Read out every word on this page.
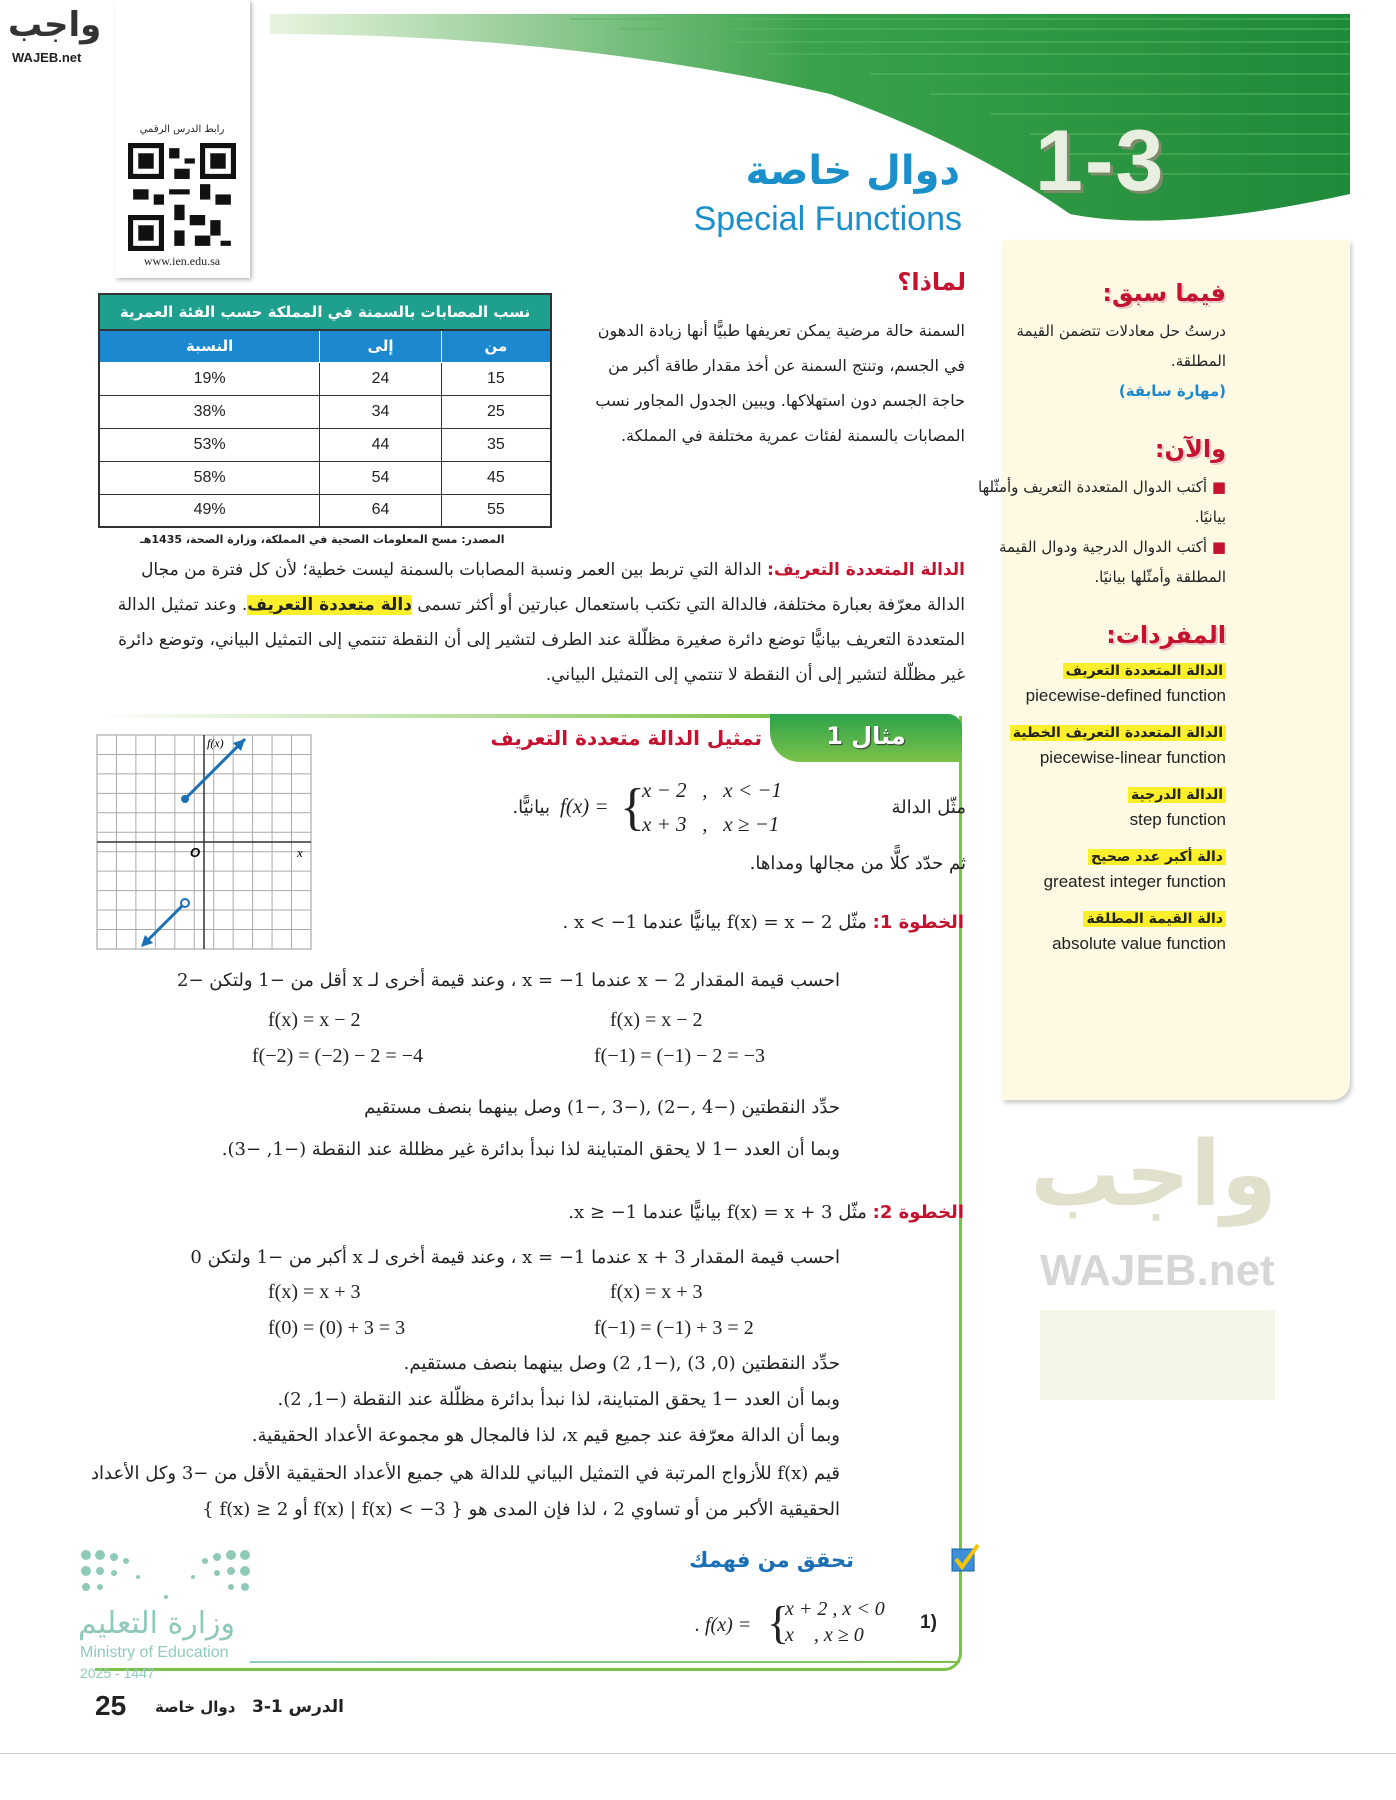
1-3
دوال خاصة
Special Functions
واجب
WAJEB.net
رابط الدرس الرقمي
www.ien.edu.sa
فيما سبق:
درستُ حل معادلات تتضمن القيمة المطلقة.
(مهارة سابقة)
والآن:
■ أكتب الدوال المتعددة التعريف وأمثّلها بيانيًا.
■ أكتب الدوال الدرجية ودوال القيمة المطلقة وأمثّلها بيانيًا.
المفردات:
الدالة المتعددة التعريف
piecewise-defined function
الدالة المتعددة التعريف الخطية
piecewise-linear function
الدالة الدرجية
step function
دالة أكبر عدد صحيح
greatest integer function
دالة القيمة المطلقة
absolute value function
لماذا؟
السمنة حالة مرضية يمكن تعريفها طبيًّا أنها زيادة الدهون في الجسم، وتنتج السمنة عن أخذ مقدار طاقة أكبر من حاجة الجسم دون استهلاكها. ويبين الجدول المجاور نسب المصابات بالسمنة لفئات عمرية مختلفة في المملكة.
نسب المصابات بالسمنة في المملكة حسب الفئة العمرية
من	إلى	النسبة
15	24	19%
25	34	38%
35	44	53%
45	54	58%
55	64	49%
المصدر: مسح المعلومات الصحية في المملكة، وزارة الصحة، 1435هـ
الدالة المتعددة التعريف: الدالة التي تربط بين العمر ونسبة المصابات بالسمنة ليست خطية؛ لأن كل فترة من مجال الدالة معرّفة بعبارة مختلفة، فالدالة التي تكتب باستعمال عبارتين أو أكثر تسمى دالة متعددة التعريف. وعند تمثيل الدالة المتعددة التعريف بيانيًّا توضع دائرة صغيرة مظلّلة عند الطرف لتشير إلى أن النقطة تنتمي إلى التمثيل البياني، وتوضع دائرة غير مظلّلة لتشير إلى أن النقطة لا تنتمي إلى التمثيل البياني.
واجب
WAJEB.net
مثال 1
تمثيل الدالة متعددة التعريف
f(x)
x
O
مثّل الدالة
f(x) = {
x − 2   ,   x < −1
x + 3   ,   x ≥ −1
بيانيًّا.
ثم حدّد كلًّا من مجالها ومداها.
الخطوة 1: مثّل f(x) = x − 2 بيانيًّا عندما x < −1 .
احسب قيمة المقدار x − 2 عندما x = −1 ، وعند قيمة أخرى لـ x أقل من −1 ولتكن −2
f(x) = x − 2
f(−1) = (−1) − 2 = −3
f(x) = x − 2
f(−2) = (−2) − 2 = −4
حدِّد النقطتين (−4 ,−2) ,(−3 ,−1) وصل بينهما بنصف مستقيم
وبما أن العدد −1 لا يحقق المتباينة لذا نبدأ بدائرة غير مظللة عند النقطة (−1, −3).
الخطوة 2: مثّل f(x) = x + 3 بيانيًّا عندما x ≥ −1.
احسب قيمة المقدار x + 3 عندما x = −1 ، وعند قيمة أخرى لـ x أكبر من −1 ولتكن 0
f(x) = x + 3
f(−1) = (−1) + 3 = 2
f(x) = x + 3
f(0) = (0) + 3 = 3
حدِّد النقطتين (0, 3) ,(−1, 2) وصل بينهما بنصف مستقيم.
وبما أن العدد −1 يحقق المتباينة، لذا نبدأ بدائرة مظلّلة عند النقطة (−1, 2).
وبما أن الدالة معرّفة عند جميع قيم x، لذا فالمجال هو مجموعة الأعداد الحقيقية.
قيم f(x) للأزواج المرتبة في التمثيل البياني للدالة هي جميع الأعداد الحقيقية الأقل من −3 وكل الأعداد الحقيقية الأكبر من أو تساوي 2 ، لذا فإن المدى هو { f(x) | f(x) < −3 أو f(x) ≥ 2 }
تحقق من فهمك
1)
. f(x) = {
x + 2 , x < 0
x    , x ≥ 0
وزارة التعليم
Ministry of Education
2025 - 1447
25 دوال خاصة الدرس 1-3
